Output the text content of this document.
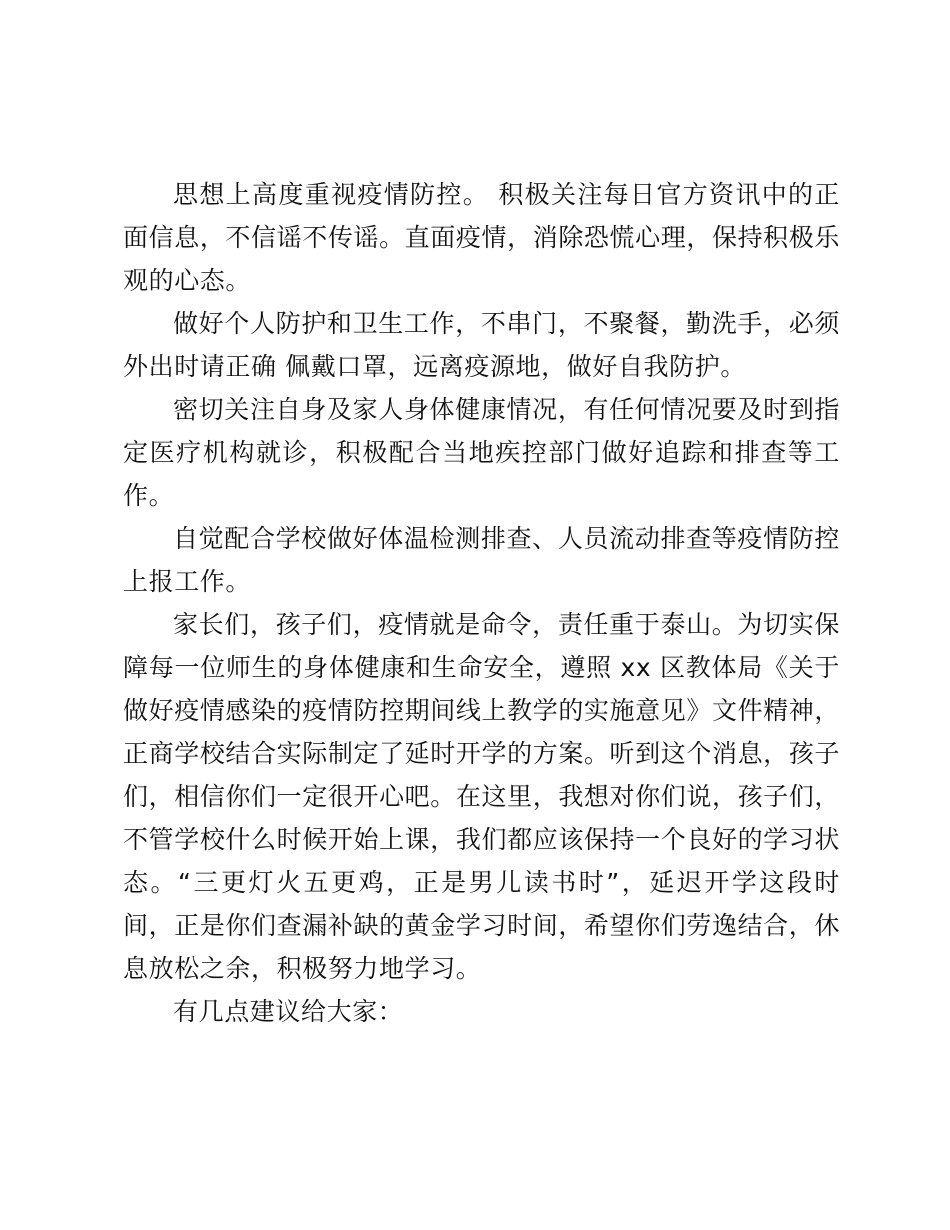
思想上高度重视疫情防控。 积极关注每日官方资讯中的正面信息，不信谣不传谣。直面疫情，消除恐慌心理，保持积极乐观的心态。

做好个人防护和卫生工作，不串门，不聚餐，勤洗手，必须外出时请正确 佩戴口罩，远离疫源地，做好自我防护。

密切关注自身及家人身体健康情况，有任何情况要及时到指定医疗机构就诊，积极配合当地疾控部门做好追踪和排查等工作。

自觉配合学校做好体温检测排查、人员流动排查等疫情防控上报工作。

家长们，孩子们，疫情就是命令，责任重于泰山。为切实保障每一位师生的身体健康和生命安全，遵照 xx 区教体局《关于做好疫情感染的疫情防控期间线上教学的实施意见》文件精神，正商学校结合实际制定了延时开学的方案。听到这个消息，孩子们，相信你们一定很开心吧。在这里，我想对你们说，孩子们，不管学校什么时候开始上课，我们都应该保持一个良好的学习状态。“三更灯火五更鸡，正是男儿读书时”，延迟开学这段时间，正是你们查漏补缺的黄金学习时间，希望你们劳逸结合，休息放松之余，积极努力地学习。

有几点建议给大家：
